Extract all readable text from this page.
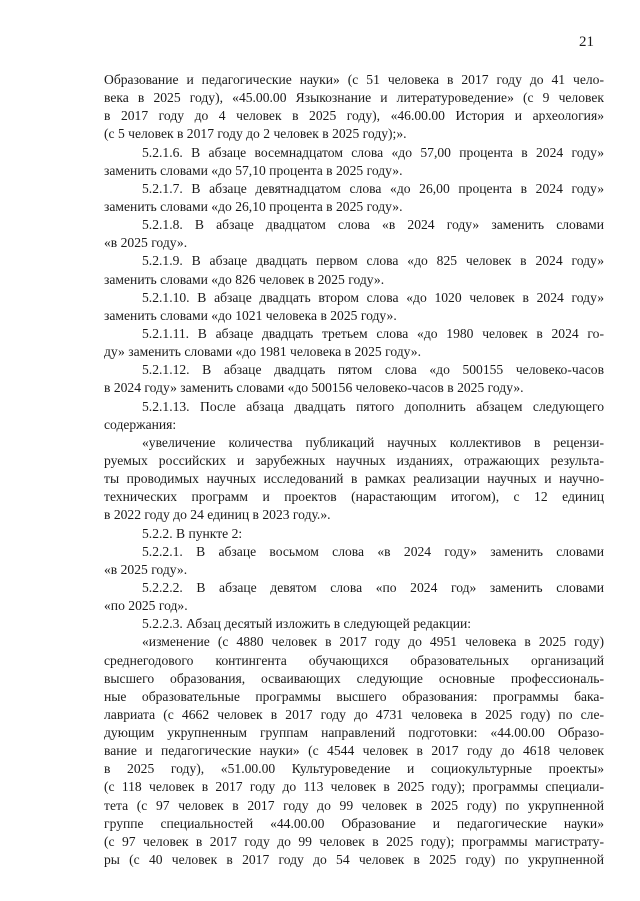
21
Образование и педагогические науки» (с 51 человека в 2017 году до 41 чело-
века в 2025 году), «45.00.00 Языкознание и литературоведение» (с 9 человек
в 2017 году до 4 человек в 2025 году), «46.00.00 История и археология»
(с 5 человек в 2017 году до 2 человек в 2025 году);».
5.2.1.6. В абзаце восемнадцатом слова «до 57,00 процента в 2024 году»
заменить словами «до 57,10 процента в 2025 году».
5.2.1.7. В абзаце девятнадцатом слова «до 26,00 процента в 2024 году»
заменить словами «до 26,10 процента в 2025 году».
5.2.1.8. В абзаце двадцатом слова «в 2024 году» заменить словами
«в 2025 году».
5.2.1.9. В абзаце двадцать первом слова «до 825 человек в 2024 году»
заменить словами «до 826 человек в 2025 году».
5.2.1.10. В абзаце двадцать втором слова «до 1020 человек в 2024 году»
заменить словами «до 1021 человека в 2025 году».
5.2.1.11. В абзаце двадцать третьем слова «до 1980 человек в 2024 го-
ду» заменить словами «до 1981 человека в 2025 году».
5.2.1.12. В абзаце двадцать пятом слова «до 500155 человеко-часов
в 2024 году» заменить словами «до 500156 человеко-часов в 2025 году».
5.2.1.13. После абзаца двадцать пятого дополнить абзацем следующего
содержания:
«увеличение количества публикаций научных коллективов в рецензи-
руемых российских и зарубежных научных изданиях, отражающих результа-
ты проводимых научных исследований в рамках реализации научных и научно-
технических программ и проектов (нарастающим итогом), с 12 единиц
в 2022 году до 24 единиц в 2023 году.».
5.2.2. В пункте 2:
5.2.2.1. В абзаце восьмом слова «в 2024 году» заменить словами
«в 2025 году».
5.2.2.2. В абзаце девятом слова «по 2024 год» заменить словами
«по 2025 год».
5.2.2.3. Абзац десятый изложить в следующей редакции:
«изменение (с 4880 человек в 2017 году до 4951 человека в 2025 году)
среднегодового контингента обучающихся образовательных организаций
высшего образования, осваивающих следующие основные профессиональ-
ные образовательные программы высшего образования: программы бака-
лавриата (с 4662 человек в 2017 году до 4731 человека в 2025 году) по сле-
дующим укрупненным группам направлений подготовки: «44.00.00 Образо-
вание и педагогические науки» (с 4544 человек в 2017 году до 4618 человек
в 2025 году), «51.00.00 Культуроведение и социокультурные проекты»
(с 118 человек в 2017 году до 113 человек в 2025 году); программы специали-
тета (с 97 человек в 2017 году до 99 человек в 2025 году) по укрупненной
группе специальностей «44.00.00 Образование и педагогические науки»
(с 97 человек в 2017 году до 99 человек в 2025 году); программы магистрату-
ры (с 40 человек в 2017 году до 54 человек в 2025 году) по укрупненной
